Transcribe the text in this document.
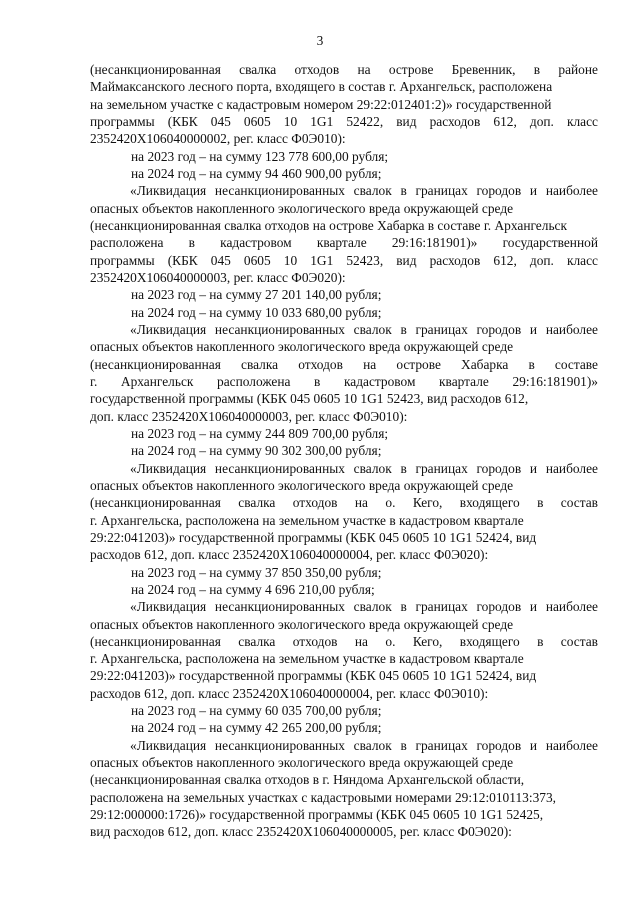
3
(несанкционированная свалка отходов на острове Бревенник, в районе
Маймаксанского лесного порта, входящего в состав г. Архангельск, расположена
на земельном участке с кадастровым номером 29:22:012401:2)» государственной
программы (КБК 045 0605 10 1G1 52422, вид расходов 612, доп. класс
2352420Х106040000002, рег. класс Ф0Э010):
на 2023 год – на сумму 123 778 600,00 рубля;
на 2024 год – на сумму 94 460 900,00 рубля;
«Ликвидация несанкционированных свалок в границах городов и наиболее
опасных объектов накопленного экологического вреда окружающей среде
(несанкционированная свалка отходов на острове Хабарка в составе г. Архангельск
расположена в кадастровом квартале 29:16:181901)» государственной
программы (КБК 045 0605 10 1G1 52423, вид расходов 612, доп. класс
2352420Х106040000003, рег. класс Ф0Э020):
на 2023 год – на сумму 27 201 140,00 рубля;
на 2024 год – на сумму 10 033 680,00 рубля;
«Ликвидация несанкционированных свалок в границах городов и наиболее
опасных объектов накопленного экологического вреда окружающей среде
(несанкционированная свалка отходов на острове Хабарка в составе
г. Архангельск расположена в кадастровом квартале 29:16:181901)»
государственной программы (КБК 045 0605 10 1G1 52423, вид расходов 612,
доп. класс 2352420Х106040000003, рег. класс Ф0Э010):
на 2023 год – на сумму 244 809 700,00 рубля;
на 2024 год – на сумму 90 302 300,00 рубля;
«Ликвидация несанкционированных свалок в границах городов и наиболее
опасных объектов накопленного экологического вреда окружающей среде
(несанкционированная свалка отходов на о. Кего, входящего в состав
г. Архангельска, расположена на земельном участке в кадастровом квартале
29:22:041203)» государственной программы (КБК 045 0605 10 1G1 52424, вид
расходов 612, доп. класс 2352420Х106040000004, рег. класс Ф0Э020):
на 2023 год – на сумму 37 850 350,00 рубля;
на 2024 год – на сумму 4 696 210,00 рубля;
«Ликвидация несанкционированных свалок в границах городов и наиболее
опасных объектов накопленного экологического вреда окружающей среде
(несанкционированная свалка отходов на о. Кего, входящего в состав
г. Архангельска, расположена на земельном участке в кадастровом квартале
29:22:041203)» государственной программы (КБК 045 0605 10 1G1 52424, вид
расходов 612, доп. класс 2352420Х106040000004, рег. класс Ф0Э010):
на 2023 год – на сумму 60 035 700,00 рубля;
на 2024 год – на сумму 42 265 200,00 рубля;
«Ликвидация несанкционированных свалок в границах городов и наиболее
опасных объектов накопленного экологического вреда окружающей среде
(несанкционированная свалка отходов в г. Няндома Архангельской области,
расположена на земельных участках с кадастровыми номерами 29:12:010113:373,
29:12:000000:1726)» государственной программы (КБК 045 0605 10 1G1 52425,
вид расходов 612, доп. класс 2352420Х106040000005, рег. класс Ф0Э020):
